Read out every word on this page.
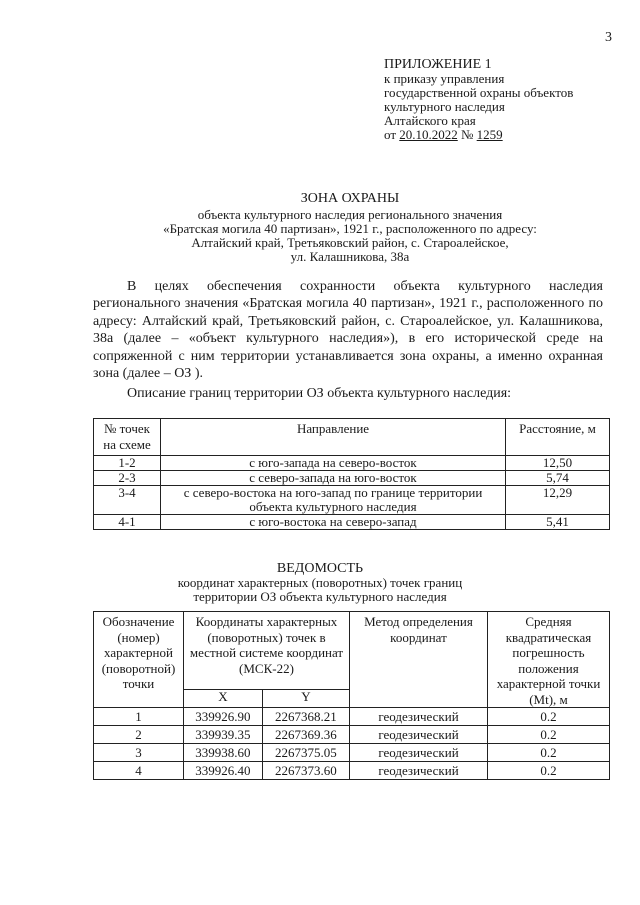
3
ПРИЛОЖЕНИЕ 1
к приказу управления
государственной охраны объектов
культурного наследия
Алтайского края
от 20.10.2022 № 1259
ЗОНА ОХРАНЫ
объекта культурного наследия регионального значения
«Братская могила 40 партизан», 1921 г., расположенного по адресу:
Алтайский край, Третьяковский район, с. Староалейское,
ул. Калашникова, 38а

В целях обеспечения сохранности объекта культурного наследия регионального значения «Братская могила 40 партизан», 1921 г., расположенного по адресу: Алтайский край, Третьяковский район, с. Староалейское, ул. Калашникова, 38а (далее – «объект культурного наследия»), в его исторической среде на сопряженной с ним территории устанавливается зона охраны, а именно охранная зона (далее – ОЗ ).

Описание границ территории ОЗ объекта культурного наследия:

№ точек на схеме	Направление	Расстояние, м
1-2	с юго-запада на северо-восток	12,50
2-3	с северо-запада на юго-восток	5,74
3-4	с северо-востока на юго-запад по границе территории объекта культурного наследия	12,29
4-1	с юго-востока на северо-запад	5,41
ВЕДОМОСТЬ
координат характерных (поворотных) точек границ
территории ОЗ объекта культурного наследия
Обозначение (номер) характерной (поворотной) точки	Координаты характерных (поворотных) точек в местной системе координат (МСК-22)		Метод определения координат	Средняя квадратическая погрешность положения характерной точки (Mt), м
	X	Y		
1	339926.90	2267368.21	геодезический	0.2
2	339939.35	2267369.36	геодезический	0.2
3	339938.60	2267375.05	геодезический	0.2
4	339926.40	2267373.60	геодезический	0.2
